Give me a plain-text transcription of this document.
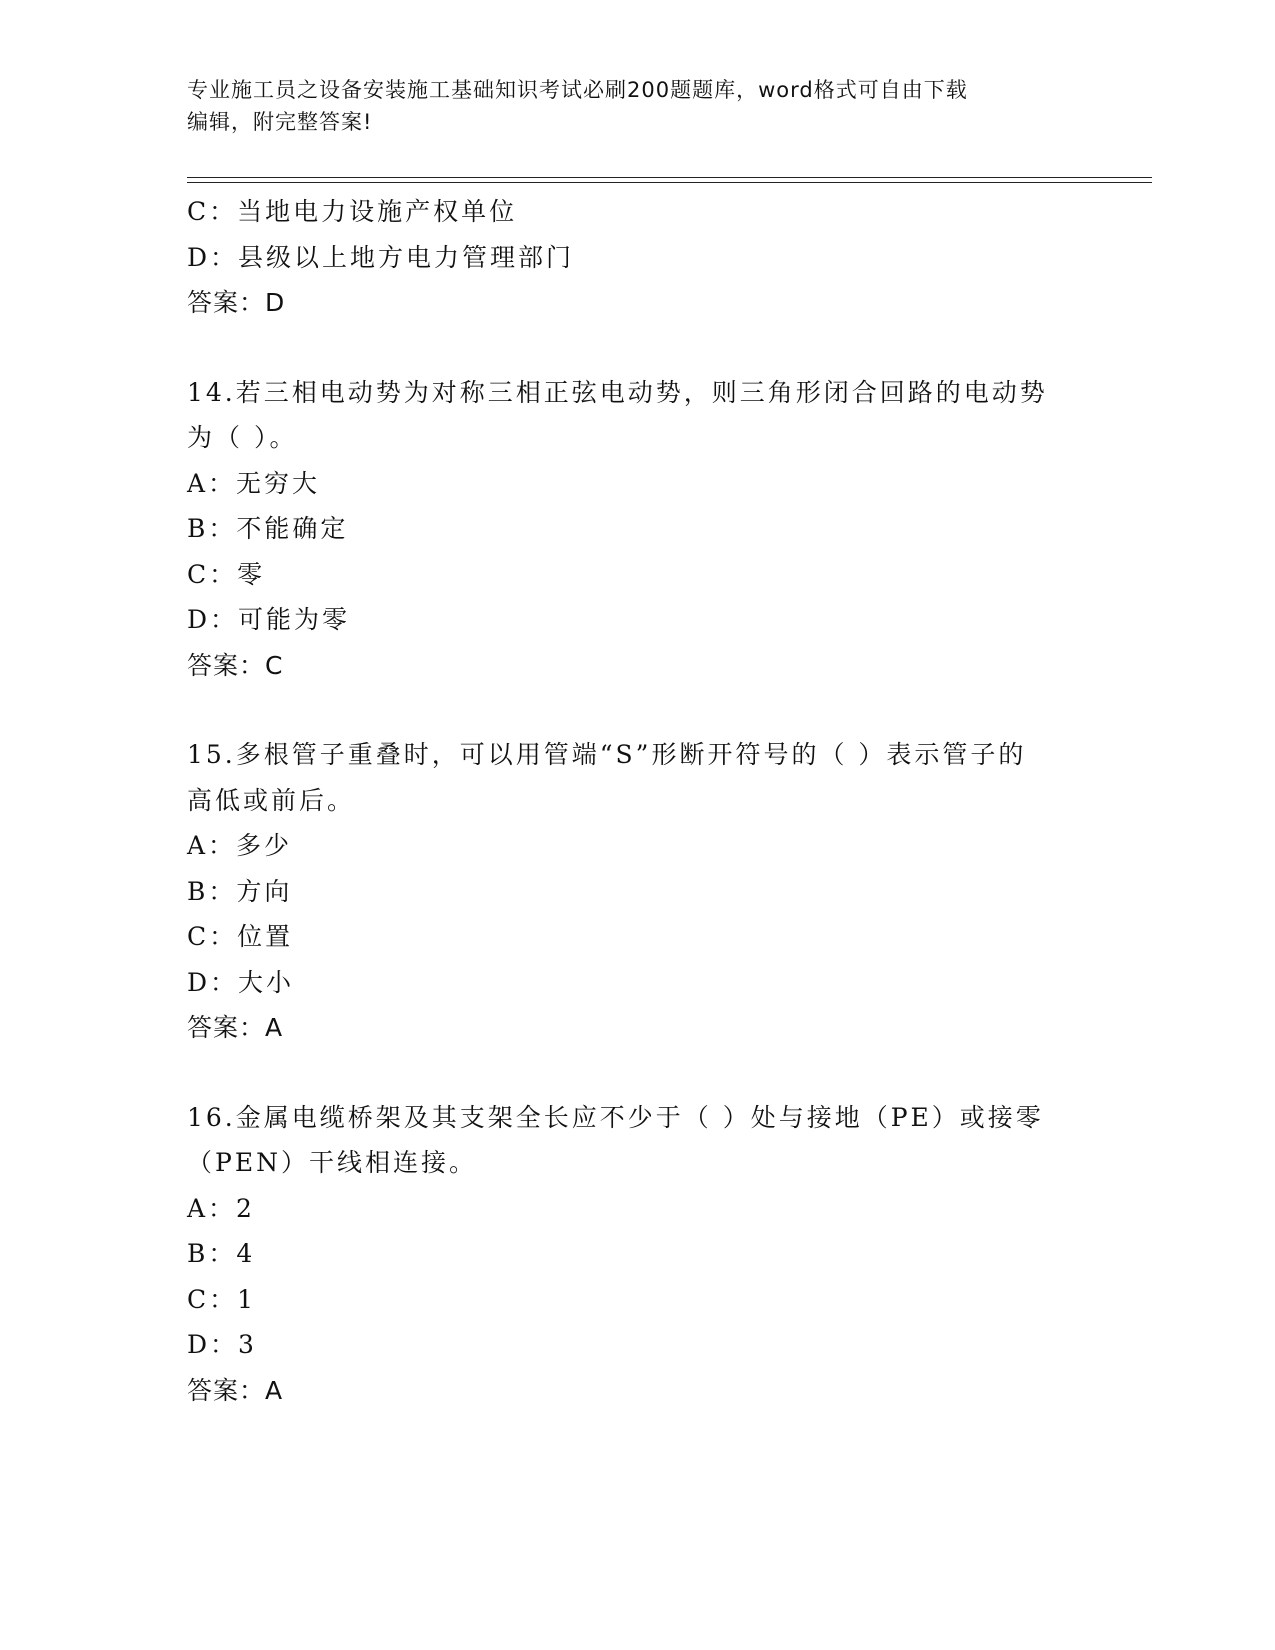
专业施工员之设备安装施工基础知识考试必刷200题题库，word格式可自由下载
编辑，附完整答案!
C：当地电力设施产权单位
D：县级以上地方电力管理部门
答案：D
14.若三相电动势为对称三相正弦电动势，则三角形闭合回路的电动势
为（ ）。
A：无穷大
B：不能确定
C：零
D：可能为零
答案：C
15.多根管子重叠时，可以用管端“S”形断开符号的（ ）表示管子的
高低或前后。
A：多少
B：方向
C：位置
D：大小
答案：A
16.金属电缆桥架及其支架全长应不少于（ ）处与接地（PE）或接零
（PEN）干线相连接。
A：2
B：4
C：1
D：3
答案：A
